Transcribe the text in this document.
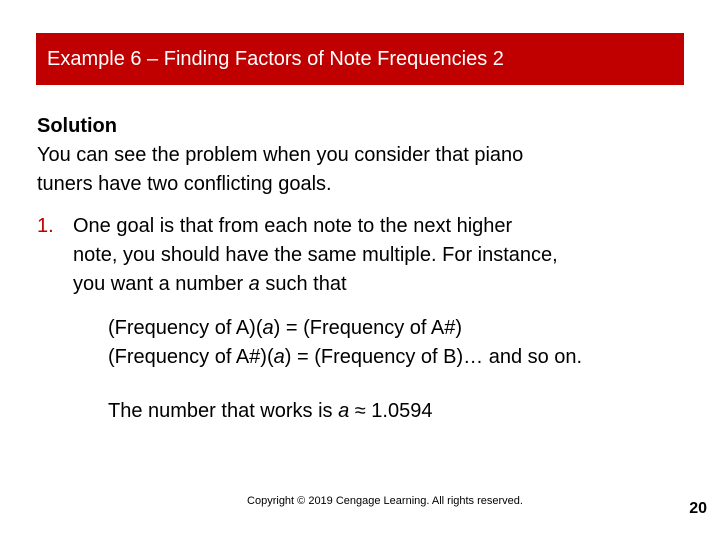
Example 6 – Finding Factors of Note Frequencies 2
Solution
You can see the problem when you consider that piano
tuners have two conflicting goals.
1. One goal is that from each note to the next higher
note, you should have the same multiple. For instance,
you want a number a such that
(Frequency of A)(a) = (Frequency of A#)
(Frequency of A#)(a) = (Frequency of B)… and so on.
The number that works is a ≈ 1.0594
Copyright © 2019 Cengage Learning. All rights reserved.	20
